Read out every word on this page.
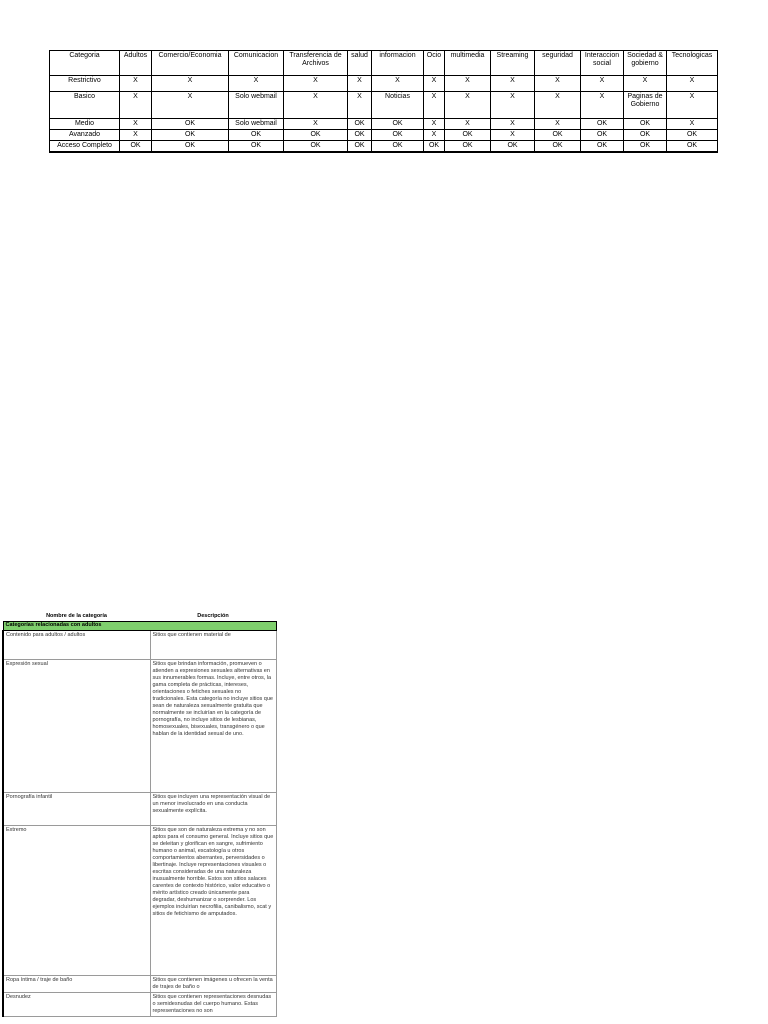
Categoria	Adultos	Comercio/Economia	Comunicacion	Transferencia de Archivos	salud	informacion	Ocio	multimedia	Streaming	seguridad	Interaccion social	Sociedad & gobierno	Tecnologicas
Restrictivo	X	X	X	X	X	X	X	X	X	X	X	X	X
Basico	X	X	Solo webmail	X	X	Noticias	X	X	X	X	X	Paginas de Gobierno	X
Medio	X	OK	Solo webmail	X	OK	OK	X	X	X	X	OK	OK	X
Avanzado	X	OK	OK	OK	OK	OK	X	OK	X	OK	OK	OK	OK
Acceso Completo	OK	OK	OK	OK	OK	OK	OK	OK	OK	OK	OK	OK	OK
Nombre de la categoría	Descripción
Categorías relacionadas con adultos	
Contenido para adultos / adultos	Sitios que contienen material de
Expresión sexual	Sitios que brindan información, promueven o atienden a expresiones sexuales alternativas en sus innumerables formas. Incluye, entre otros, la gama completa de prácticas, intereses, orientaciones o fetiches sexuales no tradicionales. Esta categoría no incluye sitios que sean de naturaleza sexualmente gratuita que normalmente se incluirían en la categoría de pornografía, no incluye sitios de lesbianas, homosexuales, bisexuales, transgénero o que hablan de la identidad sexual de uno.
Pornografía infantil	Sitios que incluyen una representación visual de un menor involucrado en una conducta sexualmente explícita.
Extremo	Sitios que son de naturaleza extrema y no son aptos para el consumo general. Incluye sitios que se deleitan y glorifican en sangre, sufrimiento humano o animal, escatología u otros comportamientos aberrantes, perversidades o libertinaje. Incluye representaciones visuales o escritas consideradas de una naturaleza inusualmente horrible. Estos son sitios salaces carentes de contexto histórico, valor educativo o mérito artístico creado únicamente para degradar, deshumanizar o sorprender. Los ejemplos incluirían necrofilia, canibalismo, scat y sitios de fetichismo de amputados.
Ropa íntima / traje de baño	Sitios que contienen imágenes u ofrecen la venta de trajes de baño o
Desnudez	Sitios que contienen representaciones desnudas o semidesnudas del cuerpo humano. Estas representaciones no son
